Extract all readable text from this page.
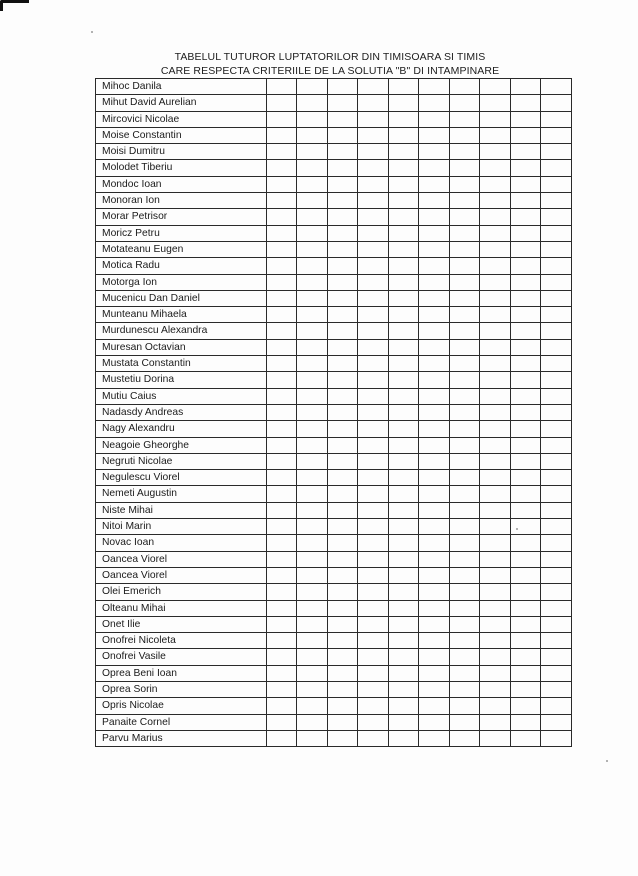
TABELUL TUTUROR LUPTATORILOR DIN TIMISOARA SI TIMIS
CARE RESPECTA CRITERIILE DE LA SOLUTIA "B" DI INTAMPINARE
Mihoc Danila										
Mihut David Aurelian										
Mircovici Nicolae										
Moise Constantin										
Moisi Dumitru										
Molodet Tiberiu										
Mondoc Ioan										
Monoran Ion										
Morar Petrisor										
Moricz Petru										
Motateanu Eugen										
Motica Radu										
Motorga Ion										
Mucenicu Dan Daniel										
Munteanu Mihaela										
Murdunescu Alexandra										
Muresan Octavian										
Mustata Constantin										
Mustetiu Dorina										
Mutiu Caius										
Nadasdy Andreas										
Nagy Alexandru										
Neagoie Gheorghe										
Negruti Nicolae										
Negulescu Viorel										
Nemeti Augustin										
Niste Mihai										
Nitoi Marin										
Novac Ioan										
Oancea Viorel										
Oancea Viorel										
Olei Emerich										
Olteanu Mihai										
Onet Ilie										
Onofrei Nicoleta										
Onofrei Vasile										
Oprea Beni Ioan										
Oprea Sorin										
Opris Nicolae										
Panaite Cornel										
Parvu Marius										
